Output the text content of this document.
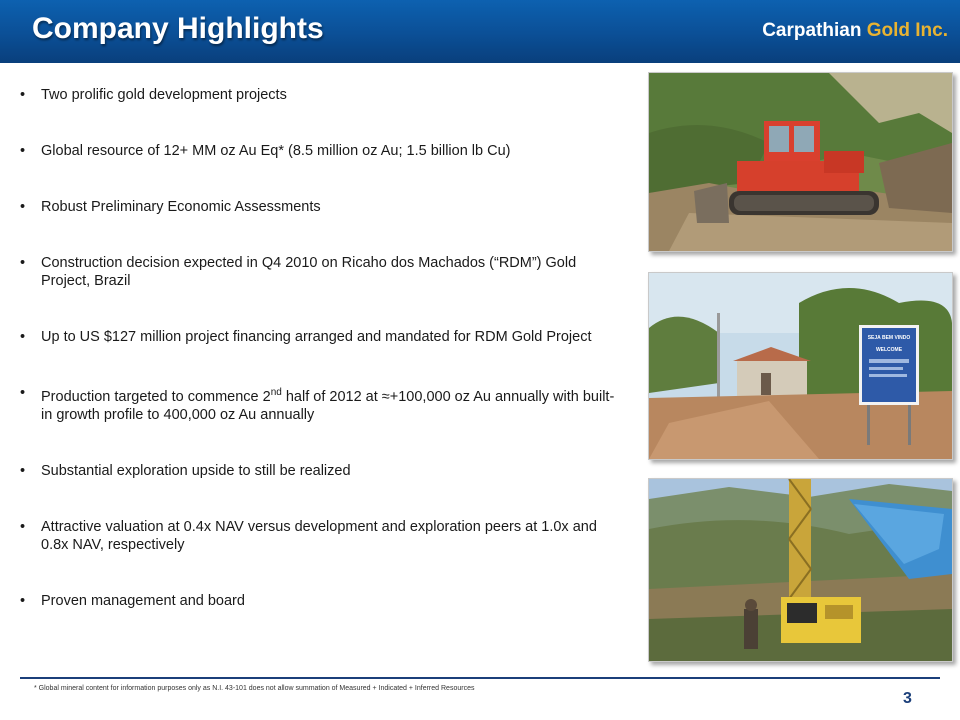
Company Highlights	Carpathian Gold Inc.
• Two prolific gold development projects
• Global resource of 12+ MM oz Au Eq* (8.5 million oz Au; 1.5 billion lb Cu)
• Robust Preliminary Economic Assessments
• Construction decision expected in Q4 2010 on Ricaho dos Machados (“RDM”) Gold Project, Brazil
• Up to US $127 million project financing arranged and mandated for RDM Gold Project
• Production targeted to commence 2nd half of 2012 at ≈+100,000 oz Au annually with built-in growth profile to 400,000 oz Au annually
• Substantial exploration upside to still be realized
• Attractive valuation at 0.4x NAV versus development and exploration peers at 1.0x and 0.8x NAV, respectively
• Proven management and board
SEJA BEM VINDO
WELCOME
* Global mineral content for information purposes only as N.I. 43-101 does not allow summation of Measured + Indicated + Inferred Resources
3
